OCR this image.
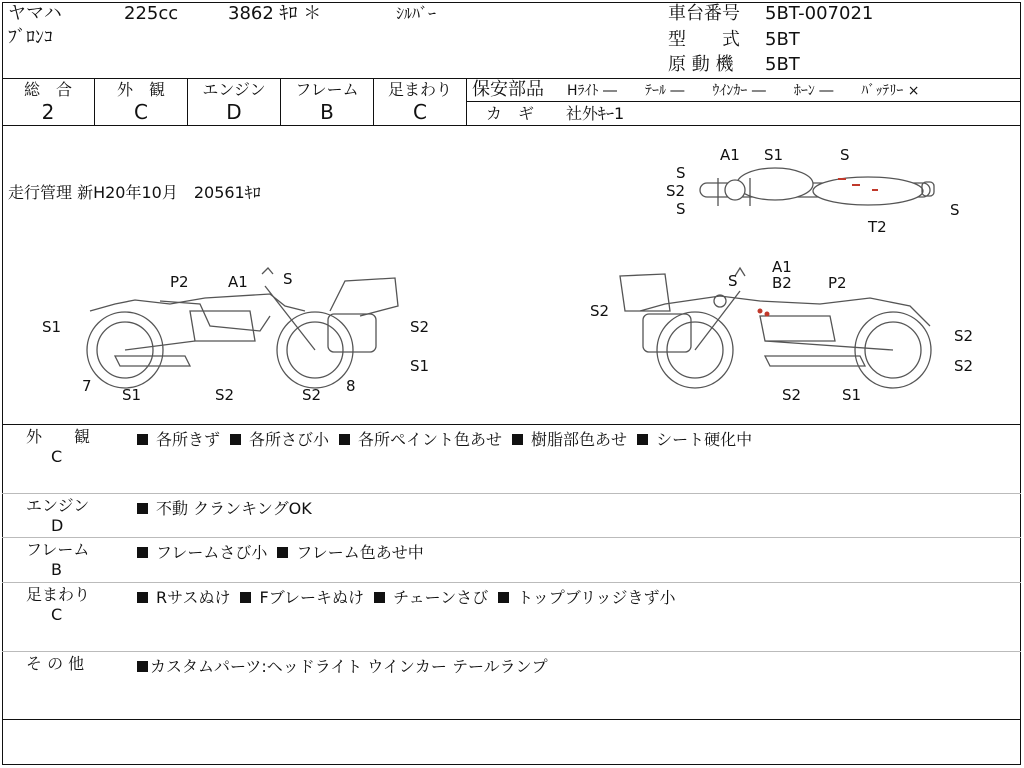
ヤマハ	225cc	3862 ｷﾛ ＊	ｼﾙﾊﾞｰ
ﾌﾞﾛﾝｺ
車台番号 5BT-007021
型　　式 5BT
原 動 機 5BT
総　合
2
外　観
C
エンジン
D
フレーム
B
足まわり
C
保安部品 Hﾗｲﾄ ―　　ﾃｰﾙ ―　　ｳｲﾝｶｰ ―　　ﾎｰﾝ ―　　ﾊﾞｯﾃﾘｰ ×
カ　ギ 社外ｷｰ1
走行管理 新H20年10月　20561ｷﾛ
A1 S1	S
S
S2
S
T2
S
P2	A1 S
S1	S2
S1
S2
7 S1	S2 8
S
A1
B2 P2
S2
S2
S2
S2	S1
外　　観
C
各所きず 各所さび小 各所ペイント色あせ 樹脂部色あせ シート硬化中
エンジン
D
不動 クランキングOK
フレーム
B
フレームさび小 フレーム色あせ中
足まわり
C
Rサスぬけ Fブレーキぬけ チェーンさび トップブリッジきず小
そ の 他	カスタムパーツ:ヘッドライト ウインカー テールランプ
